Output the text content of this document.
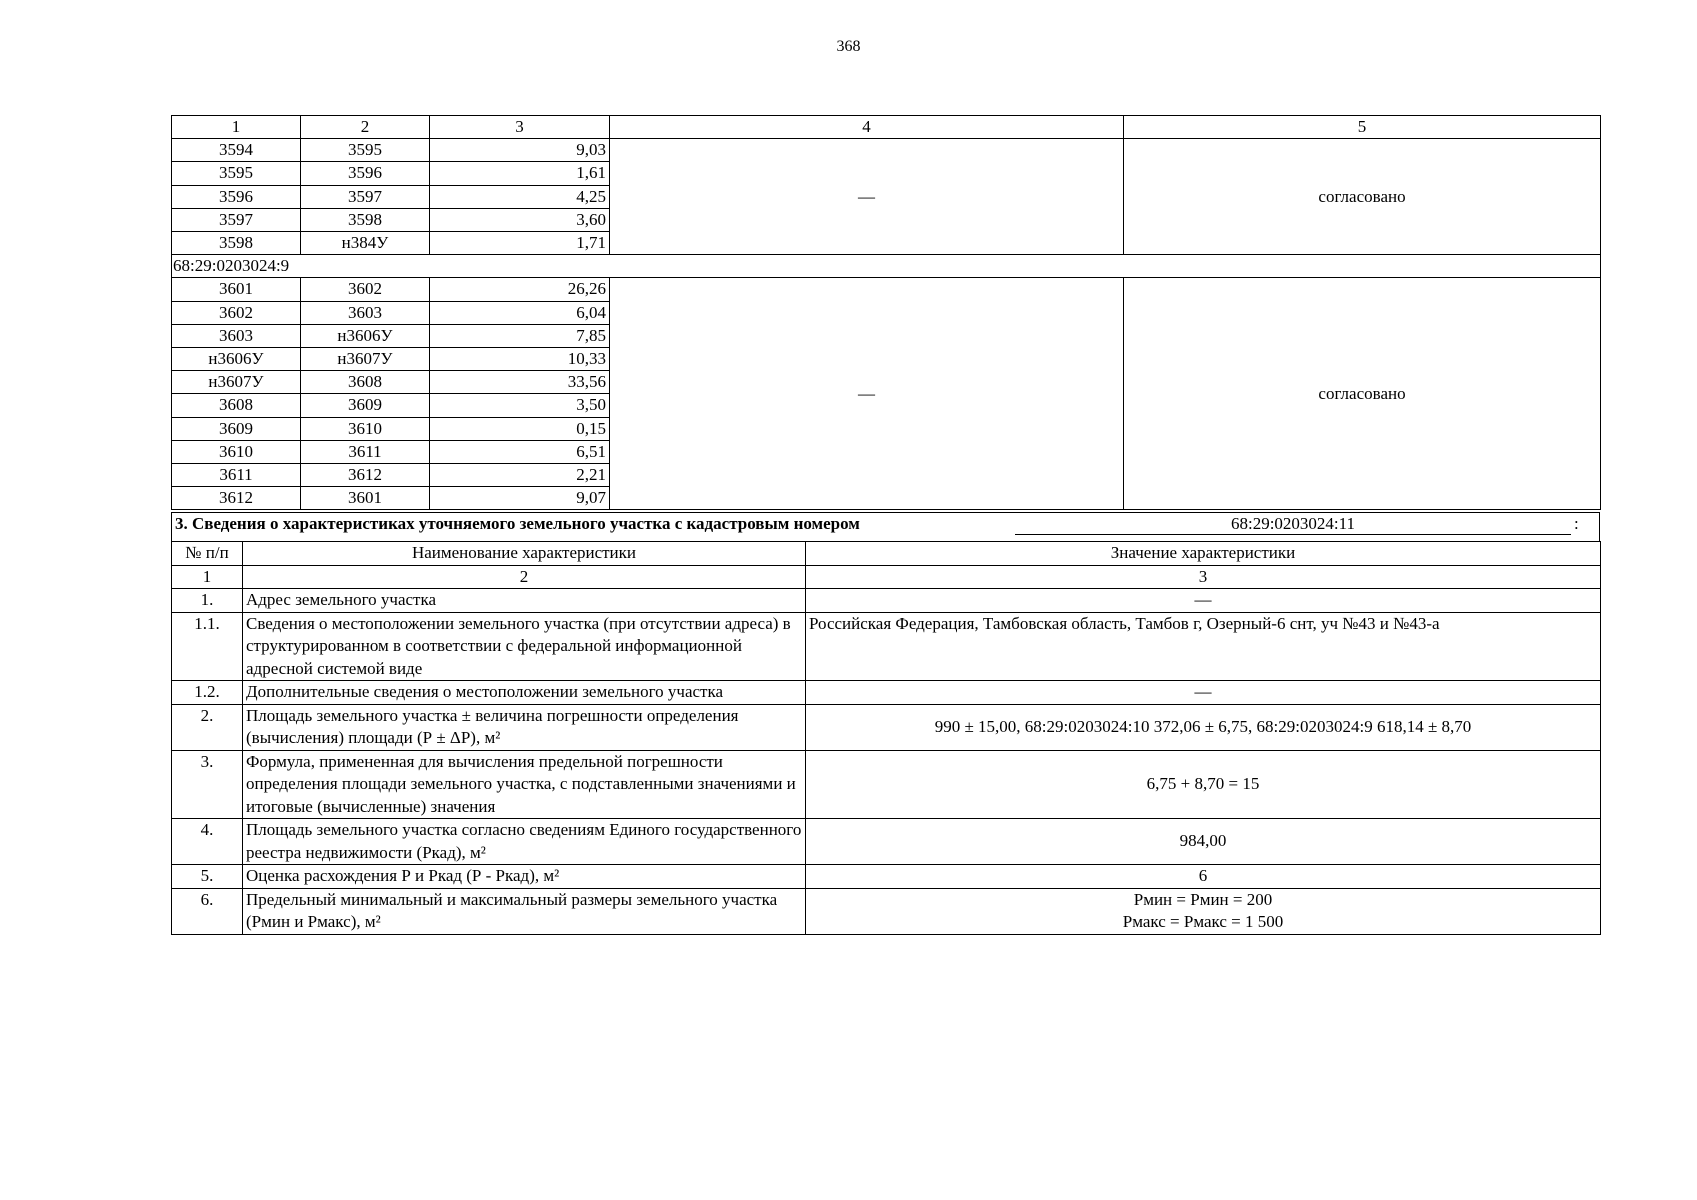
368
1	2	3	4	5
3594	3595	9,03	—	согласовано
3595	3596	1,61		
3596	3597	4,25		
3597	3598	3,60		
3598	н384У	1,71		
68:29:0203024:9				
3601	3602	26,26	—	согласовано
3602	3603	6,04		
3603	н3606У	7,85		
н3606У	н3607У	10,33		
н3607У	3608	33,56		
3608	3609	3,50		
3609	3610	0,15		
3610	3611	6,51		
3611	3612	2,21		
3612	3601	9,07		
3. Сведения о характеристиках уточняемого земельного участка с кадастровым номером	68:29:0203024:11	:
№ п/п	Наименование характеристики	Значение характеристики
1	2	3
1.	Адрес земельного участка	—
1.1.	Сведения о местоположении земельного участка (при отсутствии адреса) в структурированном в соответствии с федеральной информационной адресной системой виде	Российская Федерация, Тамбовская область, Тамбов г, Озерный-6 снт, уч №43 и №43-а
1.2.	Дополнительные сведения о местоположении земельного участка	—
2.	Площадь земельного участка ± величина погрешности определения (вычисления) площади (Р ± ΔР), м²	990 ± 15,00, 68:29:0203024:10 372,06 ± 6,75, 68:29:0203024:9 618,14 ± 8,70
3.	Формула, примененная для вычисления предельной погрешности определения площади земельного участка, с подставленными значениями и итоговые (вычисленные) значения	6,75 + 8,70 = 15
4.	Площадь земельного участка согласно сведениям Единого государственного реестра недвижимости (Ркад), м²	984,00
5.	Оценка расхождения Р и Ркад (Р - Ркад), м²	6
6.	Предельный минимальный и максимальный размеры земельного участка (Рмин и Рмакс), м²	Рмин = Рмин = 200
Рмакс = Рмакс = 1 500
